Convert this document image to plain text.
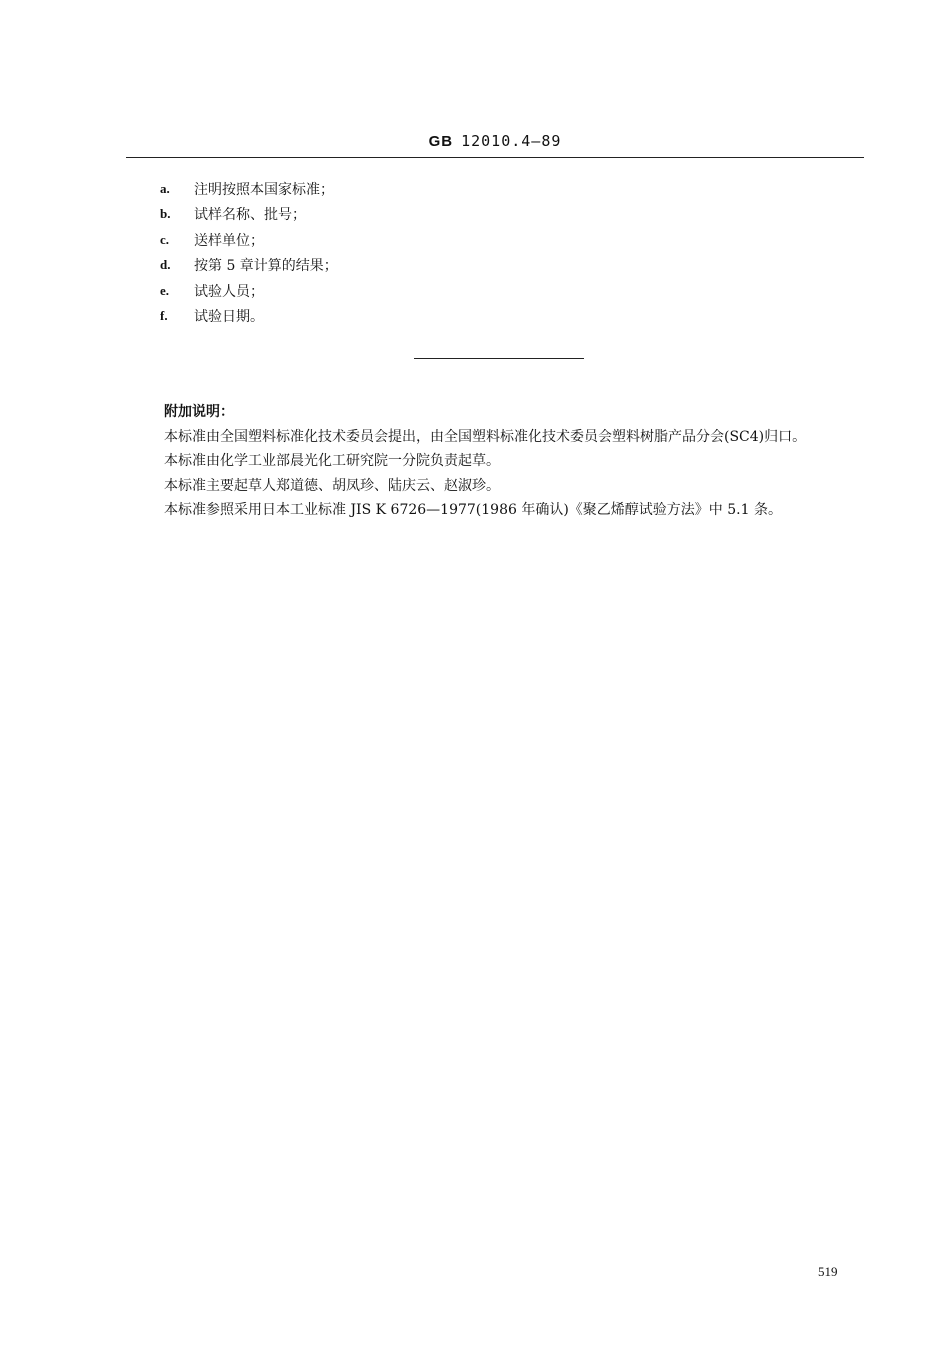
GB 12010.4—89
a.	注明按照本国家标准；
b.	试样名称、批号；
c.	送样单位；
d.	按第 5 章计算的结果；
e.	试验人员；
f.	试验日期。
附加说明：
本标准由全国塑料标准化技术委员会提出，由全国塑料标准化技术委员会塑料树脂产品分会(SC4)归口。
本标准由化学工业部晨光化工研究院一分院负责起草。
本标准主要起草人郑道德、胡凤珍、陆庆云、赵淑珍。
本标准参照采用日本工业标准 JIS K 6726—1977(1986 年确认)《聚乙烯醇试验方法》中 5.1 条。
519
